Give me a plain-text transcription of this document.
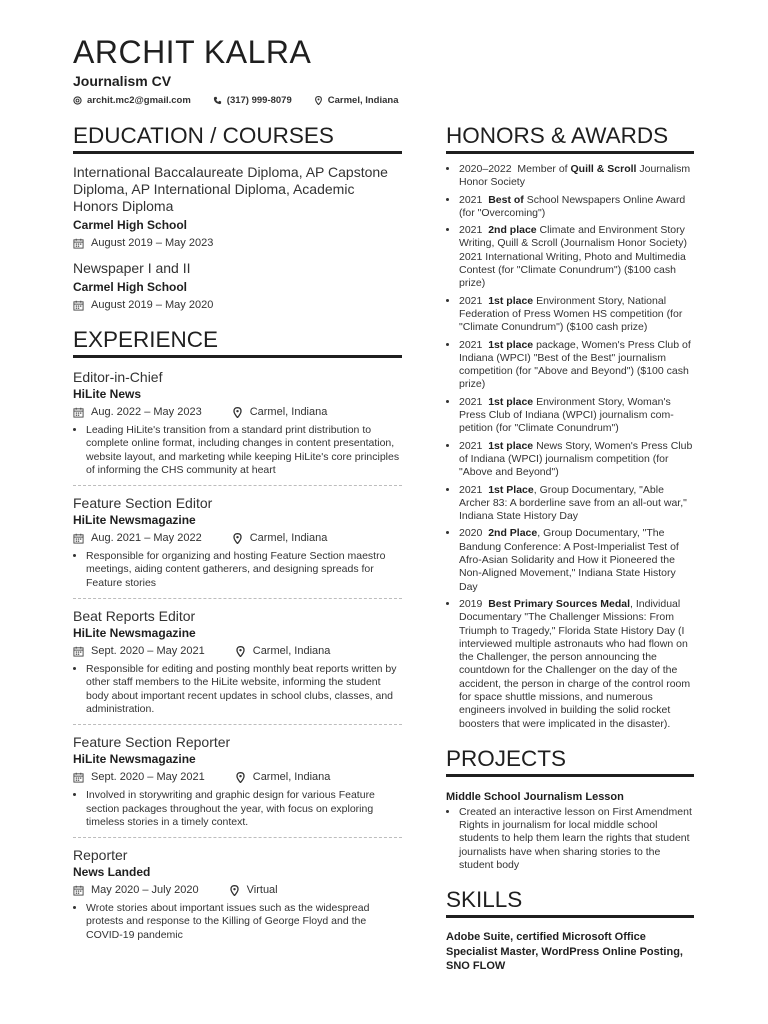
ARCHIT KALRA
Journalism CV
archit.mc2@gmail.com	(317) 999-8079	Carmel, Indiana
EDUCATION / COURSES
International Baccalaureate Diploma, AP Capstone Diploma, AP International Diploma, Academic Honors Diploma
Carmel High School
August 2019 – May 2023
Newspaper I and II
Carmel High School
August 2019 – May 2020
EXPERIENCE
Editor-in-Chief
HiLite News
Aug. 2022 – May 2023	Carmel, Indiana
• Leading HiLite's transition from a standard print distribution to complete online format, including changes in content presentation, website layout, and marketing while keeping HiLite's core principles of informing the CHS community at heart
Feature Section Editor
HiLite Newsmagazine
Aug. 2021 – May 2022	Carmel, Indiana
• Responsible for organizing and hosting Feature Section maestro meetings, aiding content gatherers, and designing spreads for Feature stories
Beat Reports Editor
HiLite Newsmagazine
Sept. 2020 – May 2021	Carmel, Indiana
• Responsible for editing and posting monthly beat reports written by other staff members to the HiLite website, informing the student body about important recent updates in school clubs, classes, and administration.
Feature Section Reporter
HiLite Newsmagazine
Sept. 2020 – May 2021	Carmel, Indiana
• Involved in storywriting and graphic design for various Feature section packages throughout the year, with focus on exploring timeless stories in a timely context.
Reporter
News Landed
May 2020 – July 2020	Virtual
• Wrote stories about important issues such as the widespread protests and response to the Killing of George Floyd and the COVID-19 pandemic
HONORS & AWARDS
• 2020–2022 Member of Quill & Scroll Journalism Honor Society
• 2021 Best of School Newspapers Online Award (for "Overcoming")
• 2021 2nd place Climate and Environment Story Writing, Quill & Scroll (Journalism Honor Society) 2021 International Writing, Photo and Multimedia Contest (for "Climate Conundrum") ($100 cash prize)
• 2021 1st place Environment Story, National Federation of Press Women HS competition (for "Climate Conundrum") ($100 cash prize)
• 2021 1st place package, Women's Press Club of Indiana (WPCI) "Best of the Best" journalism competition (for "Above and Beyond") ($100 cash prize)
• 2021 1st place Environment Story, Woman's Press Club of Indiana (WPCI) journalism competition (for "Climate Conundrum")
• 2021 1st place News Story, Women's Press Club of Indiana (WPCI) journalism competition (for "Above and Beyond")
• 2021 1st Place, Group Documentary, "Able Archer 83: A borderline save from an all-out war," Indiana State History Day
• 2020 2nd Place, Group Documentary, "The Bandung Conference: A Post-Imperialist Test of Afro-Asian Solidarity and How it Pioneered the Non-Aligned Movement," Indiana State History Day
• 2019 Best Primary Sources Medal, Individual Documentary "The Challenger Missions: From Triumph to Tragedy," Florida State History Day (I interviewed multiple astronauts who had flown on the Challenger, the person announcing the countdown for the Challenger on the day of the accident, the person in charge of the control room for space shuttle missions, and numerous engineers involved in building the solid rocket boosters that were implicated in the disaster).
PROJECTS
Middle School Journalism Lesson
• Created an interactive lesson on First Amendment Rights in journalism for local middle school students to help them learn the rights that student journalists have when sharing stories to the student body
SKILLS
Adobe Suite, certified Microsoft Office Specialist Master, WordPress Online Posting, SNO FLOW
